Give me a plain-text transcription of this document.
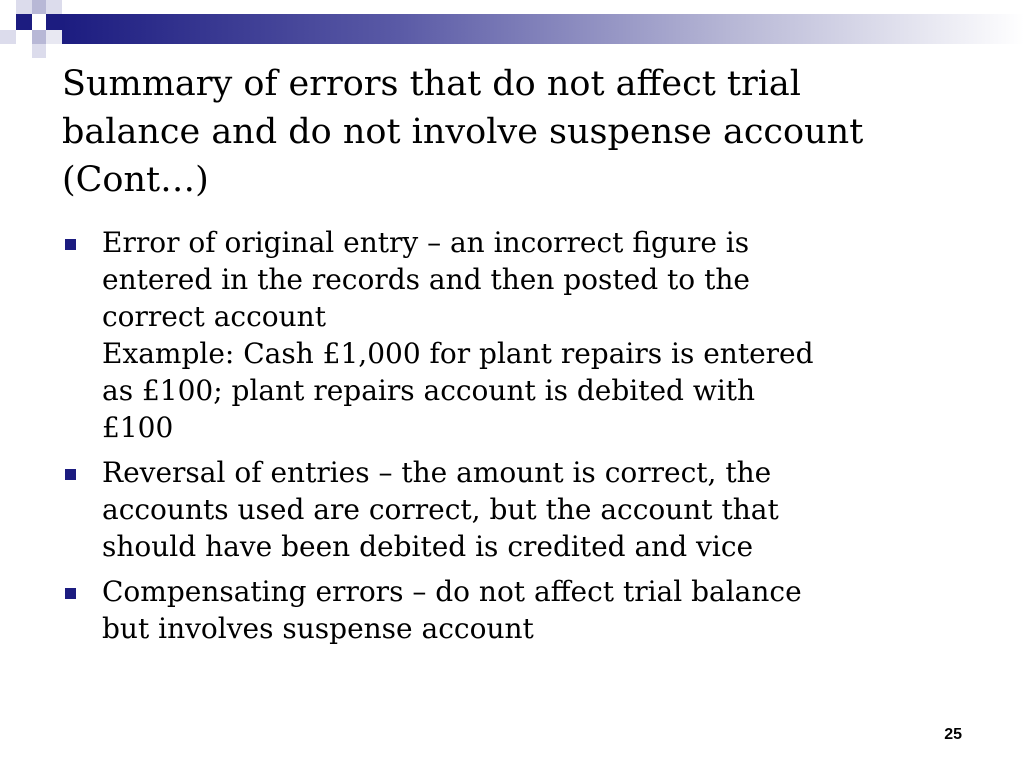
Summary of errors that do not affect trial
balance and do not involve suspense account
(Cont…)
Error of original entry – an incorrect figure is
entered in the records and then posted to the
correct account
Example: Cash £1,000 for plant repairs is entered
as £100; plant repairs account is debited with
£100
Reversal of entries – the amount is correct, the
accounts used are correct, but the account that
should have been debited is credited and vice
Compensating errors – do not affect trial balance
but involves suspense account
25
